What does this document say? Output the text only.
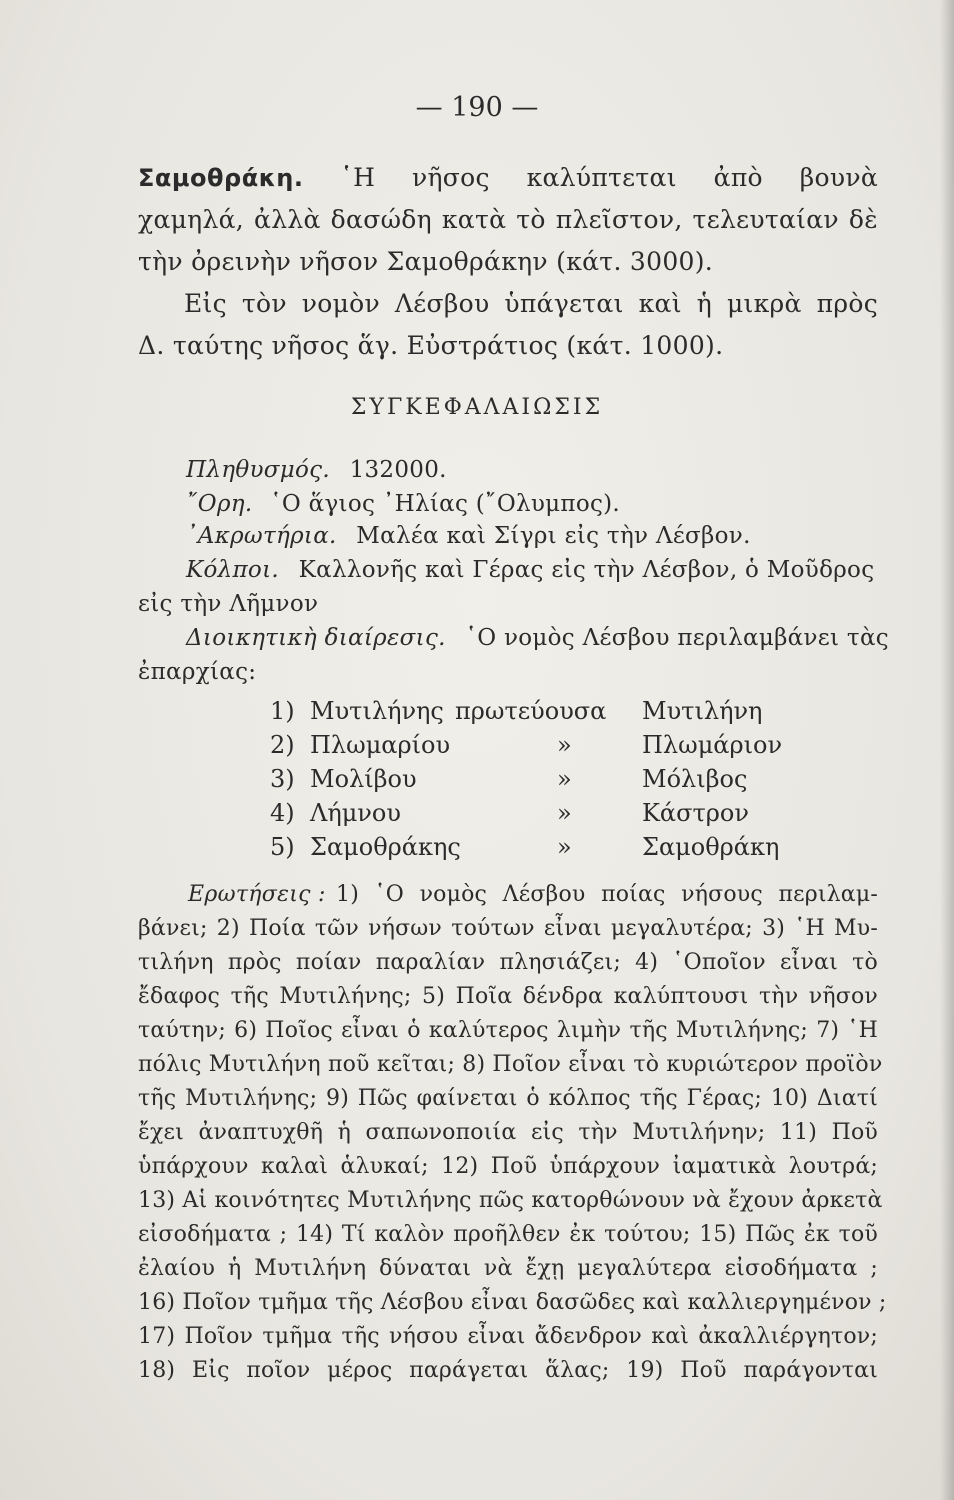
— 190 —
Σαμοθράκη. ῾Η νῆσος καλύπτεται ἀπὸ βουνὰ
χαμηλά, ἀλλὰ δασώδη κατὰ τὸ πλεῖστον, τελευταίαν δὲ
τὴν ὀρεινὴν νῆσον Σαμοθράκην (κάτ. 3000).
Εἰς τὸν νομὸν Λέσβου ὑπάγεται καὶ ἡ μικρὰ πρὸς
Δ. ταύτης νῆσος ἅγ. Εὐστράτιος (κάτ. 1000).
ΣΥΓΚΕΦΑΛΑΙΩΣΙΣ
Πληθυσμός. 132000.
῎Ορη. ῾Ο ἅγιος ᾿Ηλίας (῎Ολυμπος).
᾿Ακρωτήρια. Μαλέα καὶ Σίγρι εἰς τὴν Λέσβον.
Κόλποι. Καλλονῆς καὶ Γέρας εἰς τὴν Λέσβον, ὁ Μοῦδρος
εἰς τὴν Λῆμνον
Διοικητικὴ διαίρεσις. ῾Ο νομὸς Λέσβου περιλαμβάνει τὰς
ἐπαρχίας:
1) Μυτιλήνης πρωτεύουσα Μυτιλήνη
2) Πλωμαρίου	»	Πλωμάριον
3) Μολίβου	»	Μόλιβος
4) Λήμνου	»	Κάστρον
5) Σαμοθράκης	»	Σαμοθράκη
Ερωτήσεις : 1) ῾Ο νομὸς Λέσβου ποίας νήσους περιλαμ-
βάνει; 2) Ποία τῶν νήσων τούτων εἶναι μεγαλυτέρα; 3) ῾Η Μυ-
τιλήνη πρὸς ποίαν παραλίαν πλησιάζει; 4) ῾Οποῖον εἶναι τὸ
ἔδαφος τῆς Μυτιλήνης; 5) Ποῖα δένδρα καλύπτουσι τὴν νῆσον
ταύτην; 6) Ποῖος εἶναι ὁ καλύτερος λιμὴν τῆς Μυτιλήνης; 7) ῾Η
πόλις Μυτιλήνη ποῦ κεῖται; 8) Ποῖον εἶναι τὸ κυριώτερον προϊὸν
τῆς Μυτιλήνης; 9) Πῶς φαίνεται ὁ κόλπος τῆς Γέρας; 10) Διατί
ἔχει ἀναπτυχθῆ ἡ σαπωνοποιία εἰς τὴν Μυτιλήνην; 11) Ποῦ
ὑπάρχουν καλαὶ ἁλυκαί; 12) Ποῦ ὑπάρχουν ἰαματικὰ λουτρά;
13) Αἱ κοινότητες Μυτιλήνης πῶς κατορθώνουν νὰ ἔχουν ἀρκετὰ
εἰσοδήματα ; 14) Τί καλὸν προῆλθεν ἐκ τούτου; 15) Πῶς ἐκ τοῦ
ἐλαίου ἡ Μυτιλήνη δύναται νὰ ἔχῃ μεγαλύτερα εἰσοδήματα ;
16) Ποῖον τμῆμα τῆς Λέσβου εἶναι δασῶδες καὶ καλλιεργημένον ;
17) Ποῖον τμῆμα τῆς νήσου εἶναι ἄδενδρον καὶ ἀκαλλιέργητον;
18) Εἰς ποῖον μέρος παράγεται ἅλας; 19) Ποῦ παράγονται
